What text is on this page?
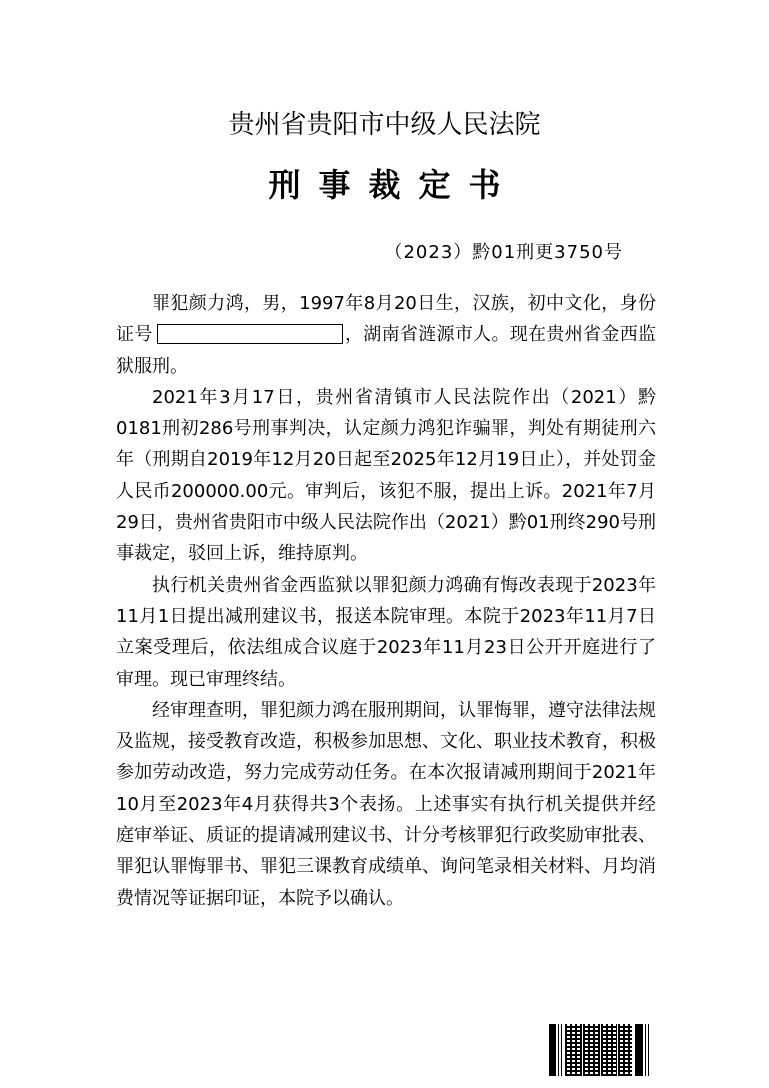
贵州省贵阳市中级人民法院
刑事裁定书
（2023）黔01刑更3750号

罪犯颜力鸿，男，1997年8月20日生，汉族，初中文化，身份证号	，湖南省涟源市人。现在贵州省金西监狱服刑。

2021年3月17日，贵州省清镇市人民法院作出（2021）黔0181刑初286号刑事判决，认定颜力鸿犯诈骗罪，判处有期徒刑六年（刑期自2019年12月20日起至2025年12月19日止），并处罚金人民币200000.00元。审判后，该犯不服，提出上诉。2021年7月29日，贵州省贵阳市中级人民法院作出（2021）黔01刑终290号刑事裁定，驳回上诉，维持原判。

执行机关贵州省金西监狱以罪犯颜力鸿确有悔改表现于2023年11月1日提出减刑建议书，报送本院审理。本院于2023年11月7日立案受理后，依法组成合议庭于2023年11月23日公开开庭进行了审理。现已审理终结。

经审理查明，罪犯颜力鸿在服刑期间，认罪悔罪，遵守法律法规及监规，接受教育改造，积极参加思想、文化、职业技术教育，积极参加劳动改造，努力完成劳动任务。在本次报请减刑期间于2021年10月至2023年4月获得共3个表扬。上述事实有执行机关提供并经庭审举证、质证的提请减刑建议书、计分考核罪犯行政奖励审批表、罪犯认罪悔罪书、罪犯三课教育成绩单、询问笔录相关材料、月均消费情况等证据印证，本院予以确认。
